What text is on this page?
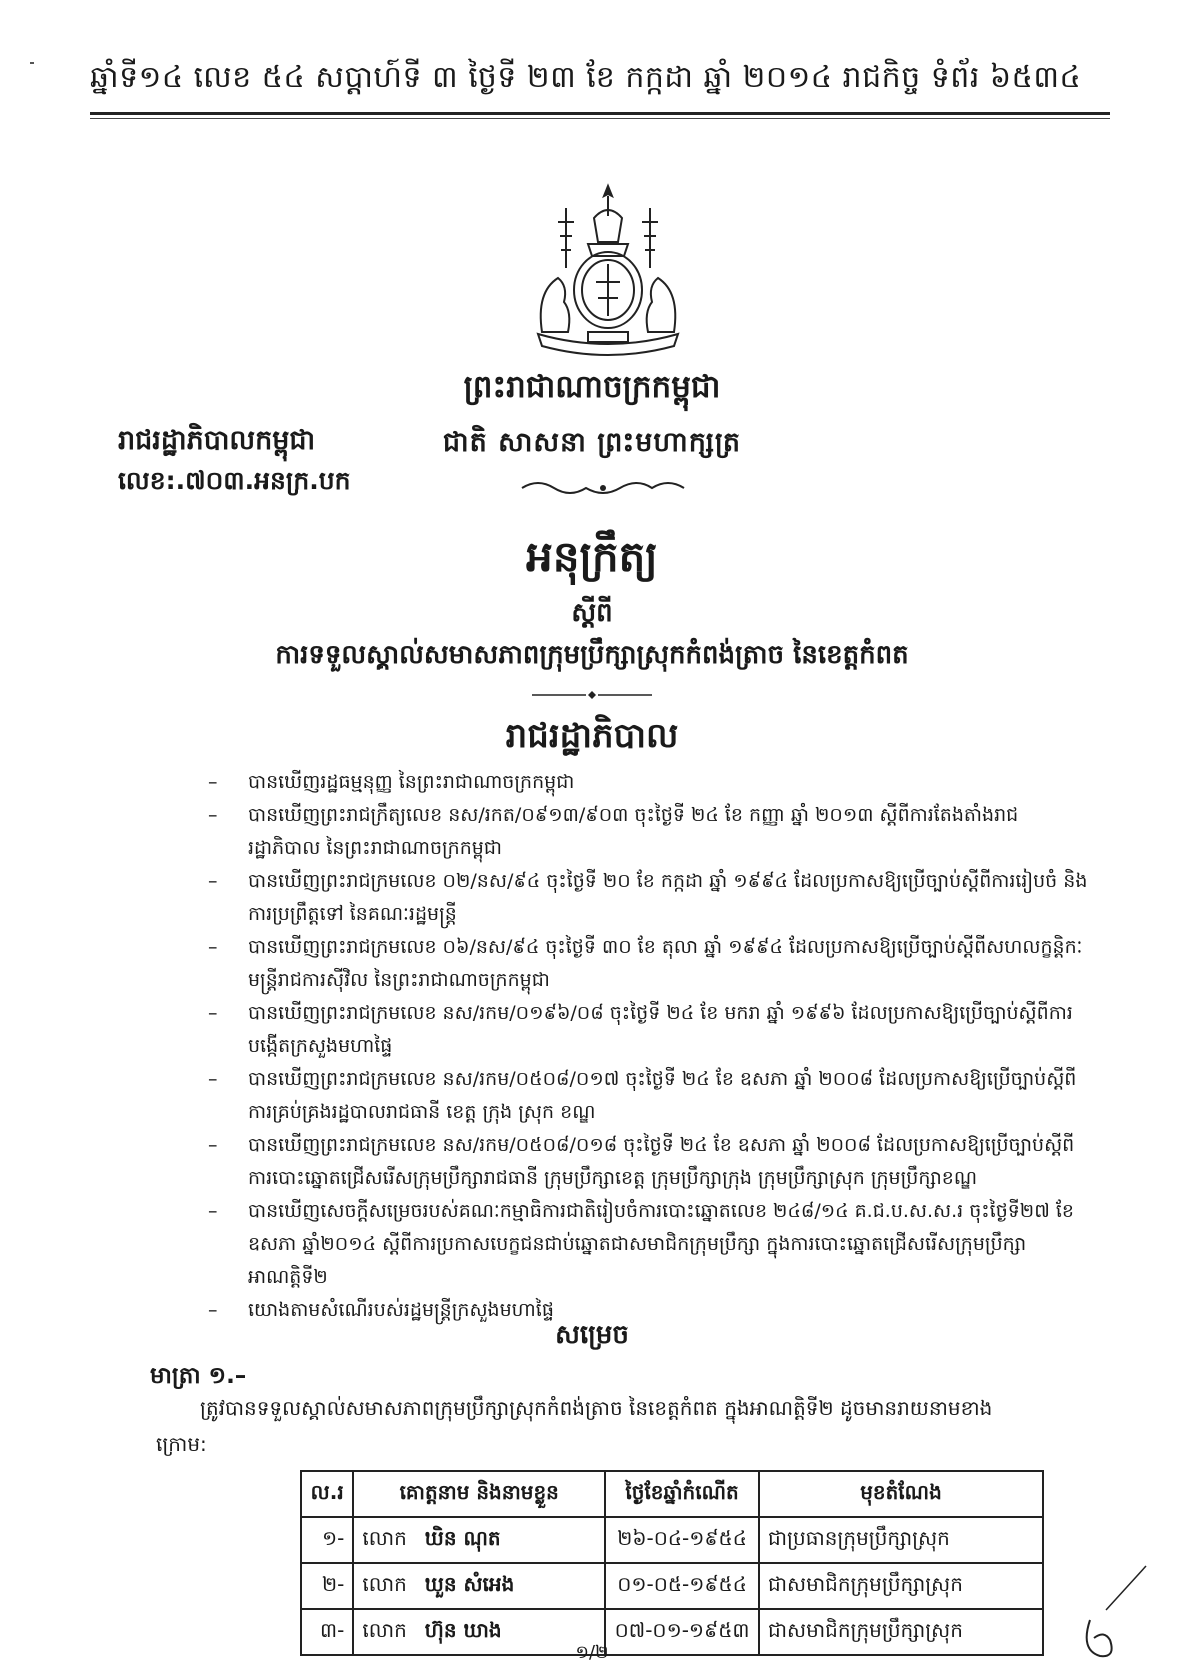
ឆ្នាំទី១៤ លេខ ៥៤ សប្តាហ៍ទី ៣ ថ្ងៃទី ២៣ ខែ កក្កដា ឆ្នាំ ២០១៤ រាជកិច្ច ទំព័រ ៦៥៣៤
ព្រះរាជាណាចក្រកម្ពុជា
រាជរដ្ឋាភិបាលកម្ពុជា	ជាតិ សាសនា ព្រះមហាក្សត្រ
លេខ:.៧០៣.អនក្រ.បក
អនុក្រឹត្យ
ស្តីពី
ការទទួលស្គាល់សមាសភាពក្រុមប្រឹក្សាស្រុកកំពង់ត្រាច នៃខេត្តកំពត
រាជរដ្ឋាភិបាល
– បានឃើញរដ្ឋធម្មនុញ្ញ នៃព្រះរាជាណាចក្រកម្ពុជា
– បានឃើញព្រះរាជក្រឹត្យលេខ នស/រកត/០៩១៣/៩០៣ ចុះថ្ងៃទី ២៤ ខែ កញ្ញា ឆ្នាំ ២០១៣ ស្តីពីការតែងតាំងរាជរដ្ឋាភិបាល នៃព្រះរាជាណាចក្រកម្ពុជា
– បានឃើញព្រះរាជក្រមលេខ ០២/នស/៩៤ ចុះថ្ងៃទី ២០ ខែ កក្កដា ឆ្នាំ ១៩៩៤ ដែលប្រកាសឱ្យប្រើច្បាប់ស្តីពីការរៀបចំ និងការប្រព្រឹត្តទៅ នៃគណៈរដ្ឋមន្ត្រី
– បានឃើញព្រះរាជក្រមលេខ ០៦/នស/៩៤ ចុះថ្ងៃទី ៣០ ខែ តុលា ឆ្នាំ ១៩៩៤ ដែលប្រកាសឱ្យប្រើច្បាប់ស្តីពីសហលក្ខន្តិកៈមន្ត្រីរាជការស៊ីវិល នៃព្រះរាជាណាចក្រកម្ពុជា
– បានឃើញព្រះរាជក្រមលេខ នស/រកម/០១៩៦/០៨ ចុះថ្ងៃទី ២៤ ខែ មករា ឆ្នាំ ១៩៩៦ ដែលប្រកាសឱ្យប្រើច្បាប់ស្តីពីការបង្កើតក្រសួងមហាផ្ទៃ
– បានឃើញព្រះរាជក្រមលេខ នស/រកម/០៥០៨/០១៧ ចុះថ្ងៃទី ២៤ ខែ ឧសភា ឆ្នាំ ២០០៨ ដែលប្រកាសឱ្យប្រើច្បាប់ស្តីពីការគ្រប់គ្រងរដ្ឋបាលរាជធានី ខេត្ត ក្រុង ស្រុក ខណ្ឌ
– បានឃើញព្រះរាជក្រមលេខ នស/រកម/០៥០៨/០១៨ ចុះថ្ងៃទី ២៤ ខែ ឧសភា ឆ្នាំ ២០០៨ ដែលប្រកាសឱ្យប្រើច្បាប់ស្តីពីការបោះឆ្នោតជ្រើសរើសក្រុមប្រឹក្សារាជធានី ក្រុមប្រឹក្សាខេត្ត ក្រុមប្រឹក្សាក្រុង ក្រុមប្រឹក្សាស្រុក ក្រុមប្រឹក្សាខណ្ឌ
– បានឃើញសេចក្តីសម្រេចរបស់គណៈកម្មាធិការជាតិរៀបចំការបោះឆ្នោតលេខ ២៤៨/១៤ គ.ជ.ប.ស.ស.រ ចុះថ្ងៃទី២៧ ខែឧសភា ឆ្នាំ២០១៤ ស្តីពីការប្រកាសបេក្ខជនជាប់ឆ្នោតជាសមាជិកក្រុមប្រឹក្សា ក្នុងការបោះឆ្នោតជ្រើសរើសក្រុមប្រឹក្សា អាណត្តិទី២
– យោងតាមសំណើរបស់រដ្ឋមន្ត្រីក្រសួងមហាផ្ទៃ
សម្រេច
មាត្រា ១.–
ត្រូវបានទទួលស្គាល់សមាសភាពក្រុមប្រឹក្សាស្រុកកំពង់ត្រាច នៃខេត្តកំពត ក្នុងអាណត្តិទី២ ដូចមានរាយនាមខាងក្រោម:
ល.រ	គោត្តនាម និងនាមខ្លួន	ថ្ងៃខែឆ្នាំកំណើត	មុខតំណែង
១-	លោក ឃិន ណុត	២៦-០៤-១៩៥៤	ជាប្រធានក្រុមប្រឹក្សាស្រុក
២-	លោក ឃួន សំអេង	០១-០៥-១៩៥៤	ជាសមាជិកក្រុមប្រឹក្សាស្រុក
៣-	លោក ហ៊ុន ឃាង	០៧-០១-១៩៥៣	ជាសមាជិកក្រុមប្រឹក្សាស្រុក
១/២
